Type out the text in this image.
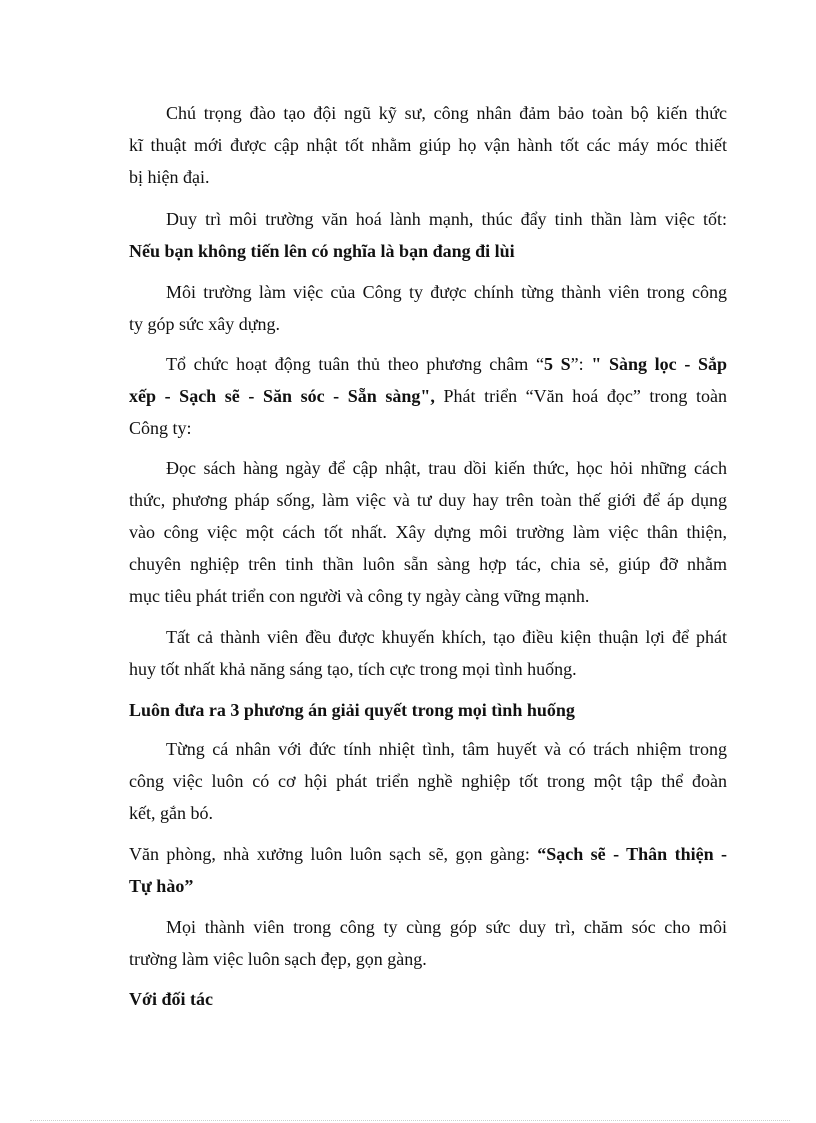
Chú trọng đào tạo đội ngũ kỹ sư, công nhân đảm bảo toàn bộ kiến thức
kĩ thuật mới được cập nhật tốt nhằm giúp họ vận hành tốt các máy móc thiết
bị hiện đại.
Duy trì môi trường văn hoá lành mạnh, thúc đẩy tinh thần làm việc tốt:
Nếu bạn không tiến lên có nghĩa là bạn đang đi lùi
Môi trường làm việc của Công ty được chính từng thành viên trong công
ty góp sức xây dựng.
Tổ chức hoạt động tuân thủ theo phương châm “5 S”: " Sàng lọc - Sắp
xếp - Sạch sẽ - Săn sóc - Sẵn sàng", Phát triển “Văn hoá đọc” trong toàn
Công ty:
Đọc sách hàng ngày để cập nhật, trau dồi kiến thức, học hỏi những cách
thức, phương pháp sống, làm việc và tư duy hay trên toàn thế giới để áp dụng
vào công việc một cách tốt nhất. Xây dựng môi trường làm việc thân thiện,
chuyên nghiệp trên tinh thần luôn sẵn sàng hợp tác, chia sẻ, giúp đỡ nhằm
mục tiêu phát triển con người và công ty ngày càng vững mạnh.
Tất cả thành viên đều được khuyến khích, tạo điều kiện thuận lợi để phát
huy tốt nhất khả năng sáng tạo, tích cực trong mọi tình huống.
Luôn đưa ra 3 phương án giải quyết trong mọi tình huống
Từng cá nhân với đức tính nhiệt tình, tâm huyết và có trách nhiệm trong
công việc luôn có cơ hội phát triển nghề nghiệp tốt trong một tập thể đoàn
kết, gắn bó.
Văn phòng, nhà xưởng luôn luôn sạch sẽ, gọn gàng: “Sạch sẽ - Thân thiện -
Tự hào”
Mọi thành viên trong công ty cùng góp sức duy trì, chăm sóc cho môi
trường làm việc luôn sạch đẹp, gọn gàng.
Với đối tác
